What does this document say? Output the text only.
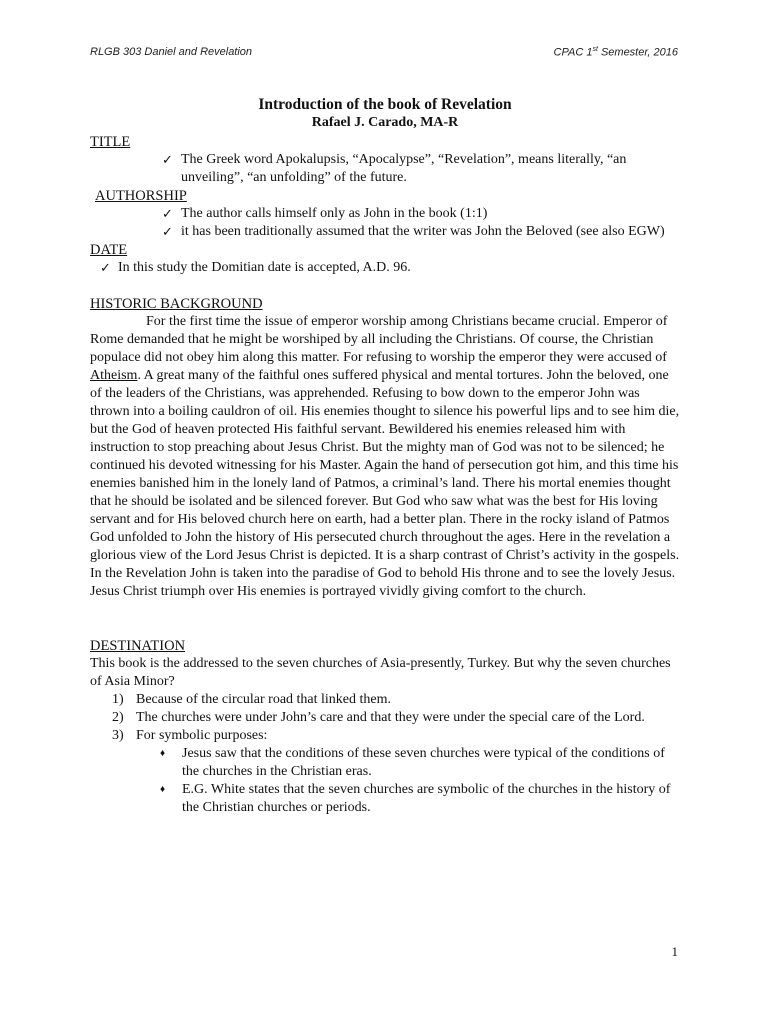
RLGB 303 Daniel and Revelation	CPAC 1st Semester, 2016
Introduction of the book of Revelation
Rafael J. Carado, MA-R
TITLE
✓ The Greek word Apokalupsis, “Apocalypse”, “Revelation”, means literally, “an unveiling”, “an unfolding” of the future.
AUTHORSHIP
✓ The author calls himself only as John in the book (1:1)
✓ it has been traditionally assumed that the writer was John the Beloved (see also EGW)
DATE
✓ In this study the Domitian date is accepted, A.D. 96.
HISTORIC BACKGROUND

For the first time the issue of emperor worship among Christians became crucial. Emperor of Rome demanded that he might be worshiped by all including the Christians. Of course, the Christian populace did not obey him along this matter. For refusing to worship the emperor they were accused of Atheism. A great many of the faithful ones suffered physical and mental tortures. John the beloved, one of the leaders of the Christians, was apprehended. Refusing to bow down to the emperor John was thrown into a boiling cauldron of oil. His enemies thought to silence his powerful lips and to see him die, but the God of heaven protected His faithful servant. Bewildered his enemies released him with instruction to stop preaching about Jesus Christ. But the mighty man of God was not to be silenced; he continued his devoted witnessing for his Master. Again the hand of persecution got him, and this time his enemies banished him in the lonely land of Patmos, a criminal’s land. There his mortal enemies thought that he should be isolated and be silenced forever. But God who saw what was the best for His loving servant and for His beloved church here on earth, had a better plan. There in the rocky island of Patmos God unfolded to John the history of His persecuted church throughout the ages. Here in the revelation a glorious view of the Lord Jesus Christ is depicted. It is a sharp contrast of Christ’s activity in the gospels. In the Revelation John is taken into the paradise of God to behold His throne and to see the lovely Jesus. Jesus Christ triumph over His enemies is portrayed vividly giving comfort to the church.

DESTINATION
This book is the addressed to the seven churches of Asia-presently, Turkey. But why the seven churches of Asia Minor?
1) Because of the circular road that linked them.
2) The churches were under John’s care and that they were under the special care of the Lord.
3) For symbolic purposes:
♦ Jesus saw that the conditions of these seven churches were typical of the conditions of the churches in the Christian eras.
♦ E.G. White states that the seven churches are symbolic of the churches in the history of the Christian churches or periods.
1
